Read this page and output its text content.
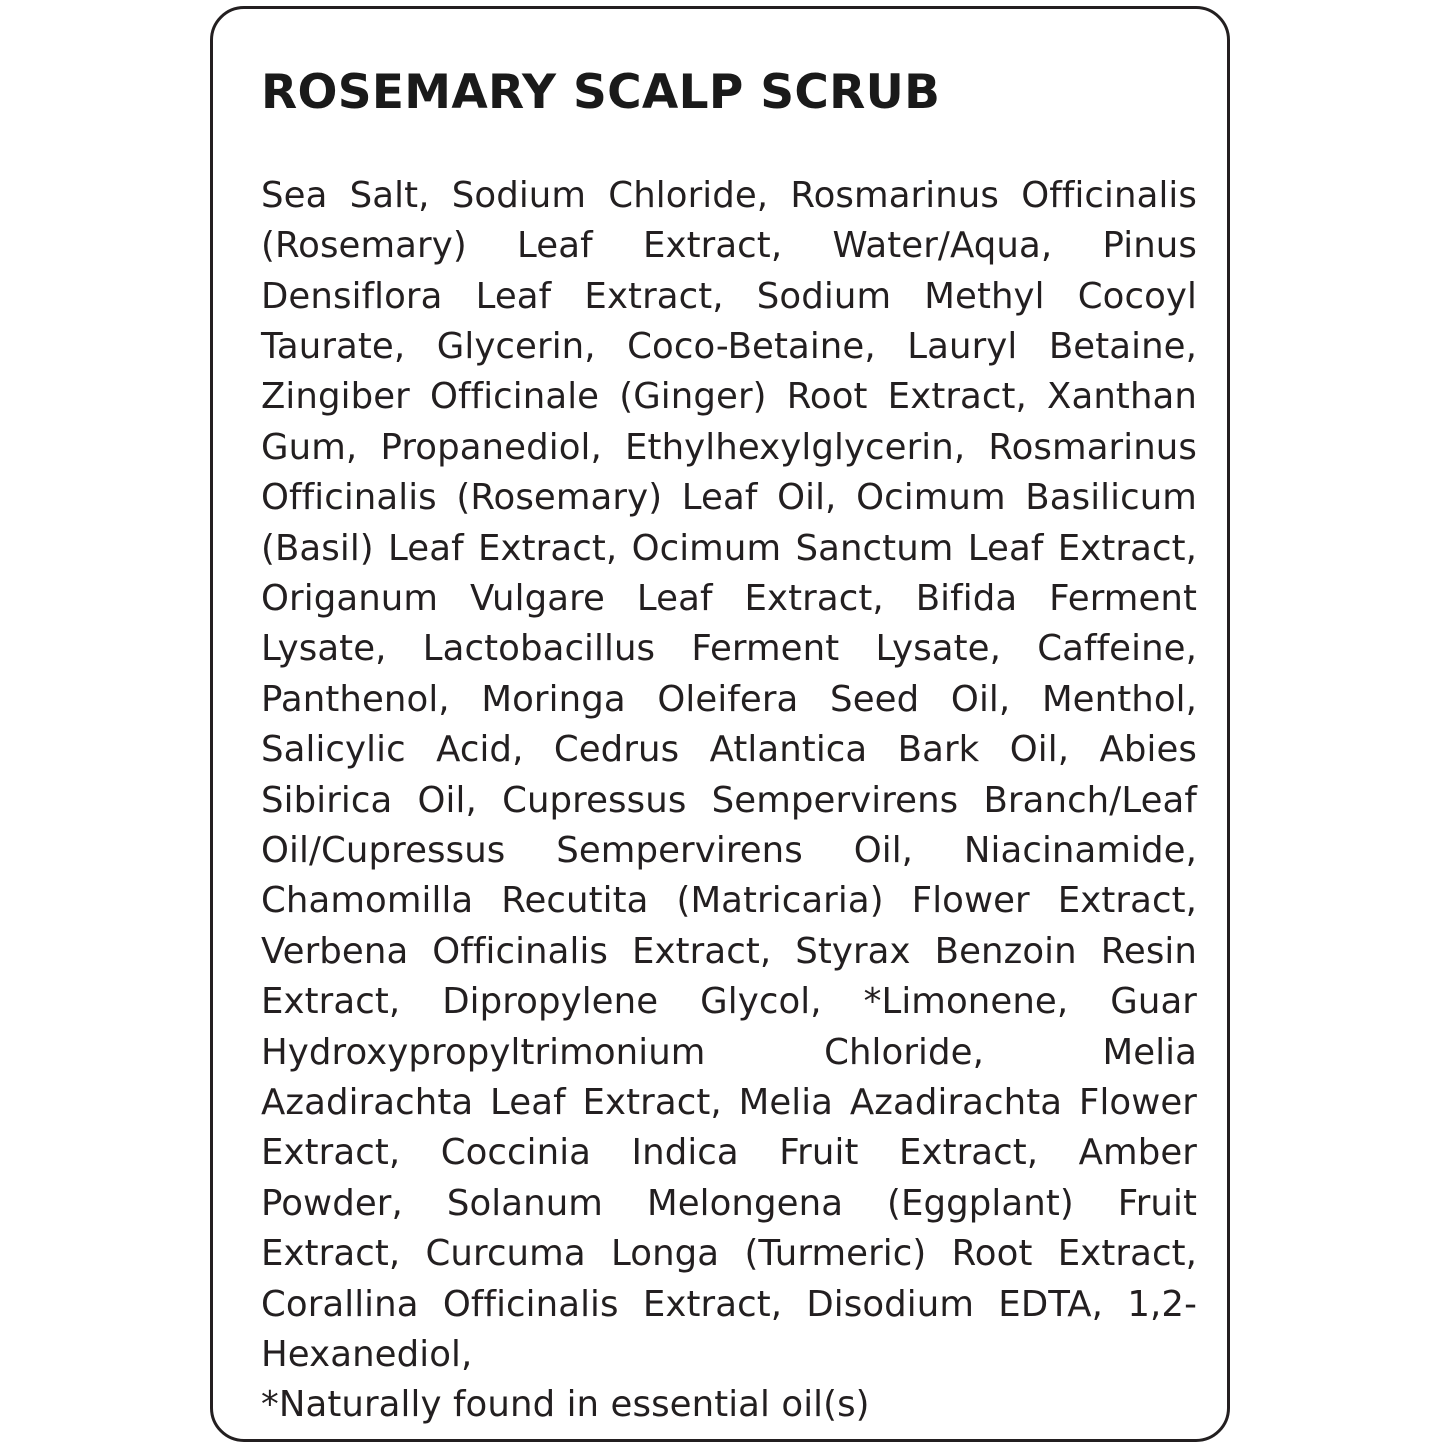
ROSEMARY SCALP SCRUB

Sea Salt, Sodium Chloride, Rosmarinus Officinalis (Rosemary) Leaf Extract, Water/Aqua, Pinus Densiflora Leaf Extract, Sodium Methyl Cocoyl Taurate, Glycerin, Coco-Betaine, Lauryl Betaine, Zingiber Officinale (Ginger) Root Extract, Xanthan Gum, Propanediol, Ethylhexylglycerin, Rosmarinus Officinalis (Rosemary) Leaf Oil, Ocimum Basilicum (Basil) Leaf Extract, Ocimum Sanctum Leaf Extract, Origanum Vulgare Leaf Extract, Bifida Ferment Lysate, Lactobacillus Ferment Lysate, Caffeine, Panthenol, Moringa Oleifera Seed Oil, Menthol, Salicylic Acid, Cedrus Atlantica Bark Oil, Abies Sibirica Oil, Cupressus Sempervirens Branch/Leaf Oil/Cupressus Sempervirens Oil, Niacinamide, Chamomilla Recutita (Matricaria) Flower Extract, Verbena Officinalis Extract, Styrax Benzoin Resin Extract, Dipropylene Glycol, *Limonene, Guar Hydroxypropyltrimonium Chloride, Melia Azadirachta Leaf Extract, Melia Azadirachta Flower Extract, Coccinia Indica Fruit Extract, Amber Powder, Solanum Melongena (Eggplant) Fruit Extract, Curcuma Longa (Turmeric) Root Extract, Corallina Officinalis Extract, Disodium EDTA, 1,2-Hexanediol,

*Naturally found in essential oil(s)
